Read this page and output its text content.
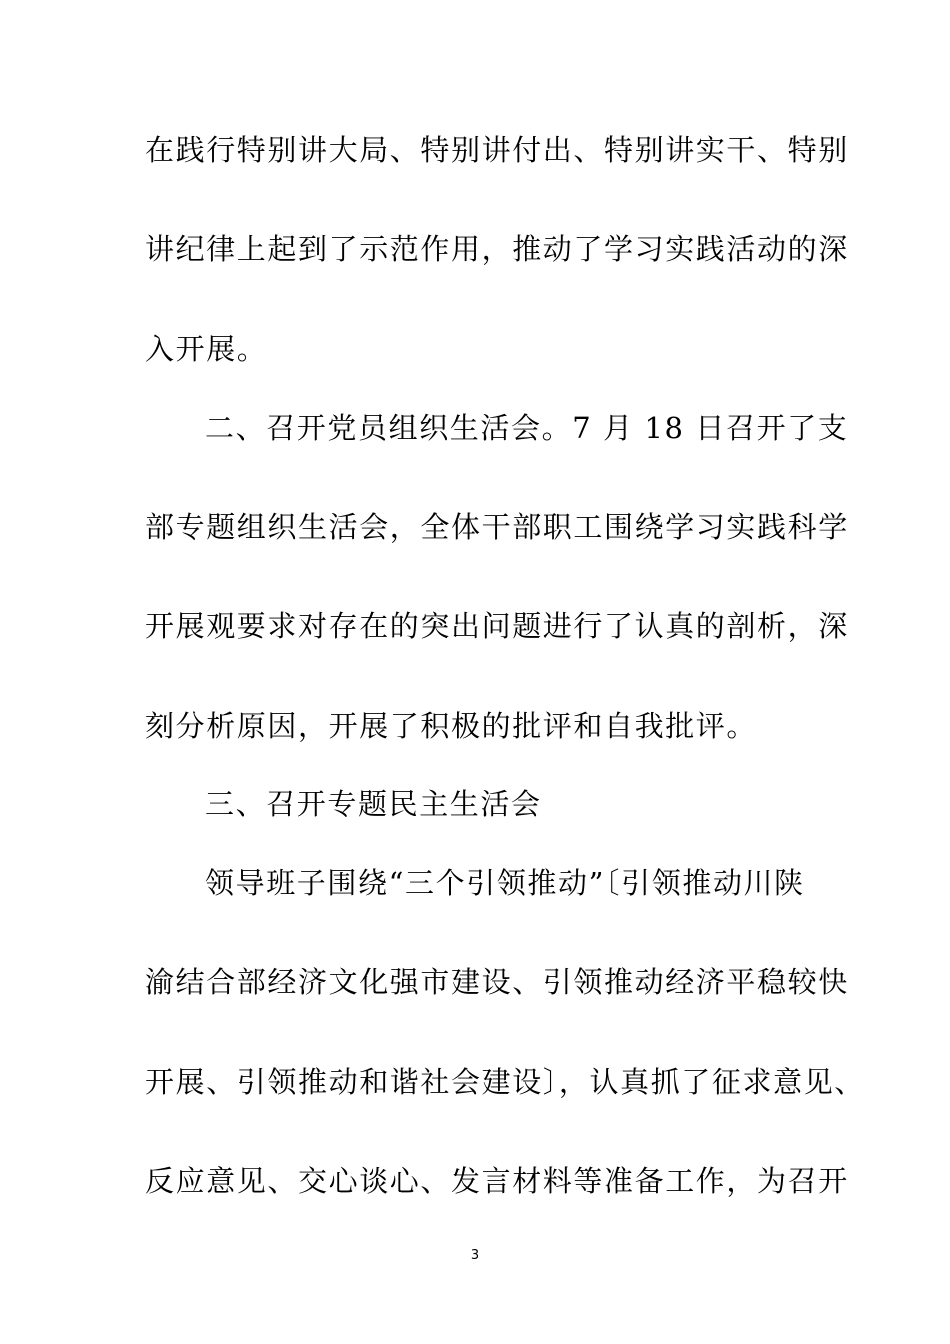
在践行特别讲大局、特别讲付出、特别讲实干、特别
讲纪律上起到了示范作用，推动了学习实践活动的深
入开展。
二、召开党员组织生活会。7 月 18 日召开了支
部专题组织生活会，全体干部职工围绕学习实践科学
开展观要求对存在的突出问题进行了认真的剖析，深
刻分析原因，开展了积极的批评和自我批评。
三、召开专题民主生活会
领导班子围绕“三个引领推动”〔引领推动川陕
渝结合部经济文化强市建设、引领推动经济平稳较快
开展、引领推动和谐社会建设〕，认真抓了征求意见、
反应意见、交心谈心、发言材料等准备工作，为召开
3
